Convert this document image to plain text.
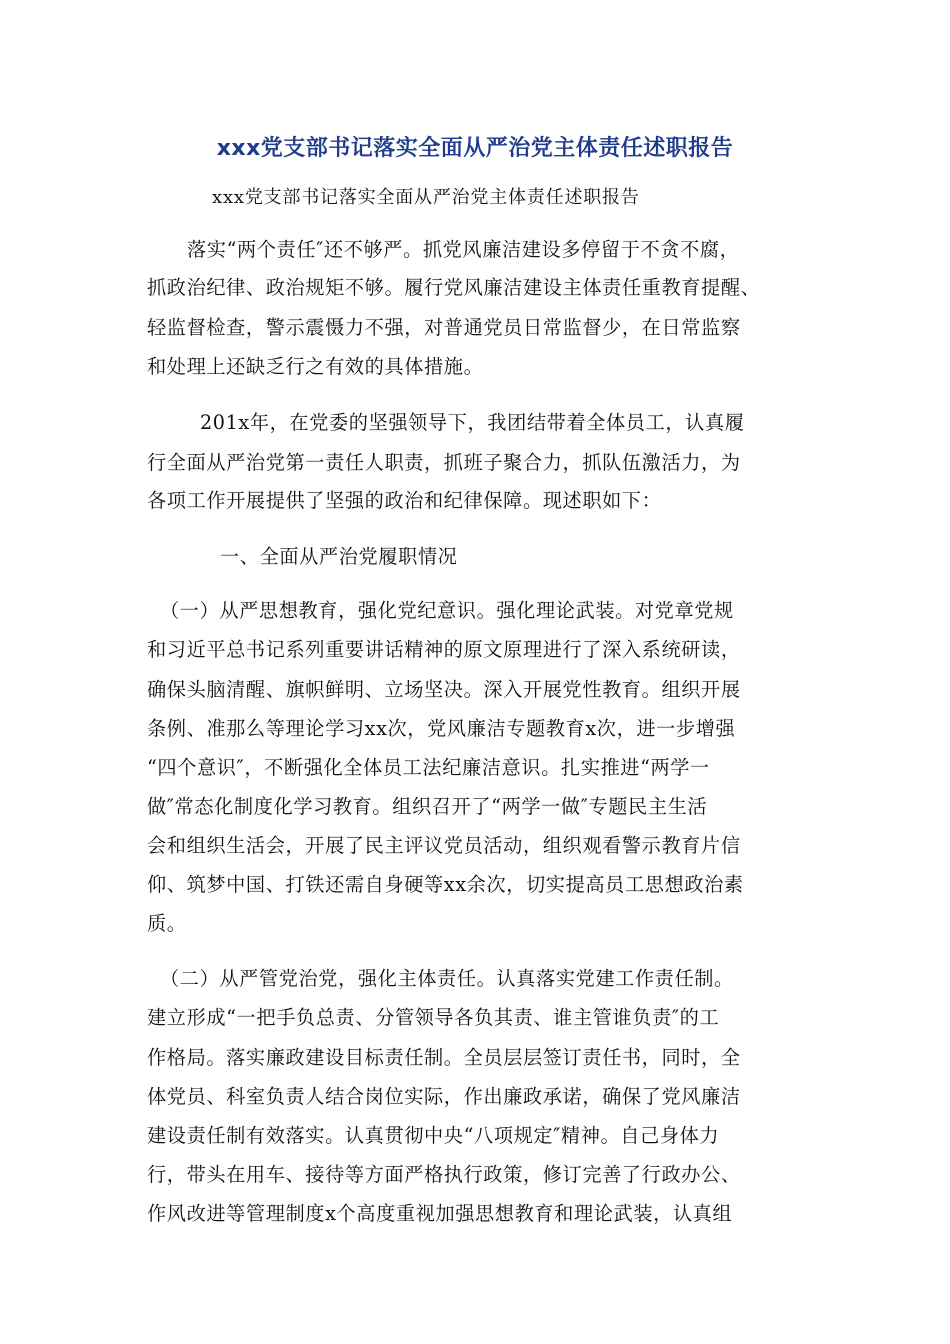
xxx党支部书记落实全面从严治党主体责任述职报告
xxx党支部书记落实全面从严治党主体责任述职报告
落实“两个责任″还不够严。抓党风廉洁建设多停留于不贪不腐，
抓政治纪律、政治规矩不够。履行党风廉洁建设主体责任重教育提醒、
轻监督检查，警示震慑力不强，对普通党员日常监督少，在日常监察
和处理上还缺乏行之有效的具体措施。
201x年，在党委的坚强领导下，我团结带着全体员工，认真履
行全面从严治党第一责任人职责，抓班子聚合力，抓队伍激活力，为
各项工作开展提供了坚强的政治和纪律保障。现述职如下：
一、全面从严治党履职情况
（一）从严思想教育，强化党纪意识。强化理论武装。对党章党规
和习近平总书记系列重要讲话精神的原文原理进行了深入系统研读，
确保头脑清醒、旗帜鲜明、立场坚决。深入开展党性教育。组织开展
条例、准那么等理论学习xx次，党风廉洁专题教育x次，进一步增强
“四个意识″，不断强化全体员工法纪廉洁意识。扎实推进“两学一
做″常态化制度化学习教育。组织召开了“两学一做″专题民主生活
会和组织生活会，开展了民主评议党员活动，组织观看警示教育片信
仰、筑梦中国、打铁还需自身硬等xx余次，切实提高员工思想政治素
质。
（二）从严管党治党，强化主体责任。认真落实党建工作责任制。
建立形成“一把手负总责、分管领导各负其责、谁主管谁负责″的工
作格局。落实廉政建设目标责任制。全员层层签订责任书，同时，全
体党员、科室负责人结合岗位实际，作出廉政承诺，确保了党风廉洁
建设责任制有效落实。认真贯彻中央“八项规定″精神。自己身体力
行，带头在用车、接待等方面严格执行政策，修订完善了行政办公、
作风改进等管理制度x个高度重视加强思想教育和理论武装，认真组
